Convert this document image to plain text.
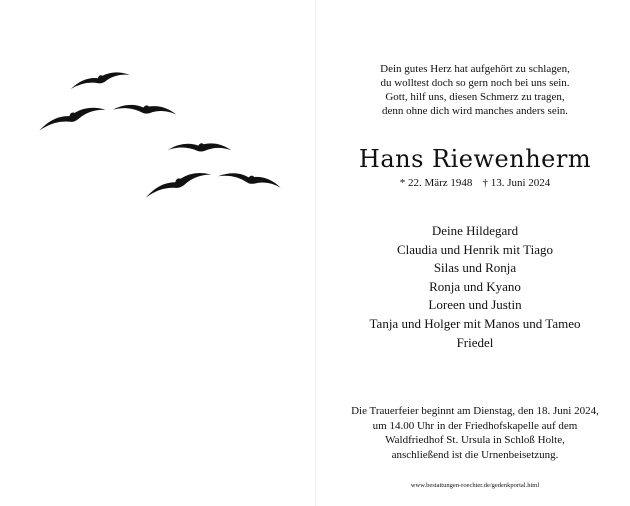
Dein gutes Herz hat aufgehört zu schlagen,
du wolltest doch so gern noch bei uns sein.
Gott, hilf uns, diesen Schmerz zu tragen,
denn ohne dich wird manches anders sein.
Hans Riewenherm
* 22. März 1948 † 13. Juni 2024
Deine Hildegard
Claudia und Henrik mit Tiago
Silas und Ronja
Ronja und Kyano
Loreen und Justin
Tanja und Holger mit Manos und Tameo
Friedel
Die Trauerfeier beginnt am Dienstag, den 18. Juni 2024,
um 14.00 Uhr in der Friedhofskapelle auf dem
Waldfriedhof St. Ursula in Schloß Holte,
anschließend ist die Urnenbeisetzung.
www.bestattungen-roechter.de/gedenkportal.html
